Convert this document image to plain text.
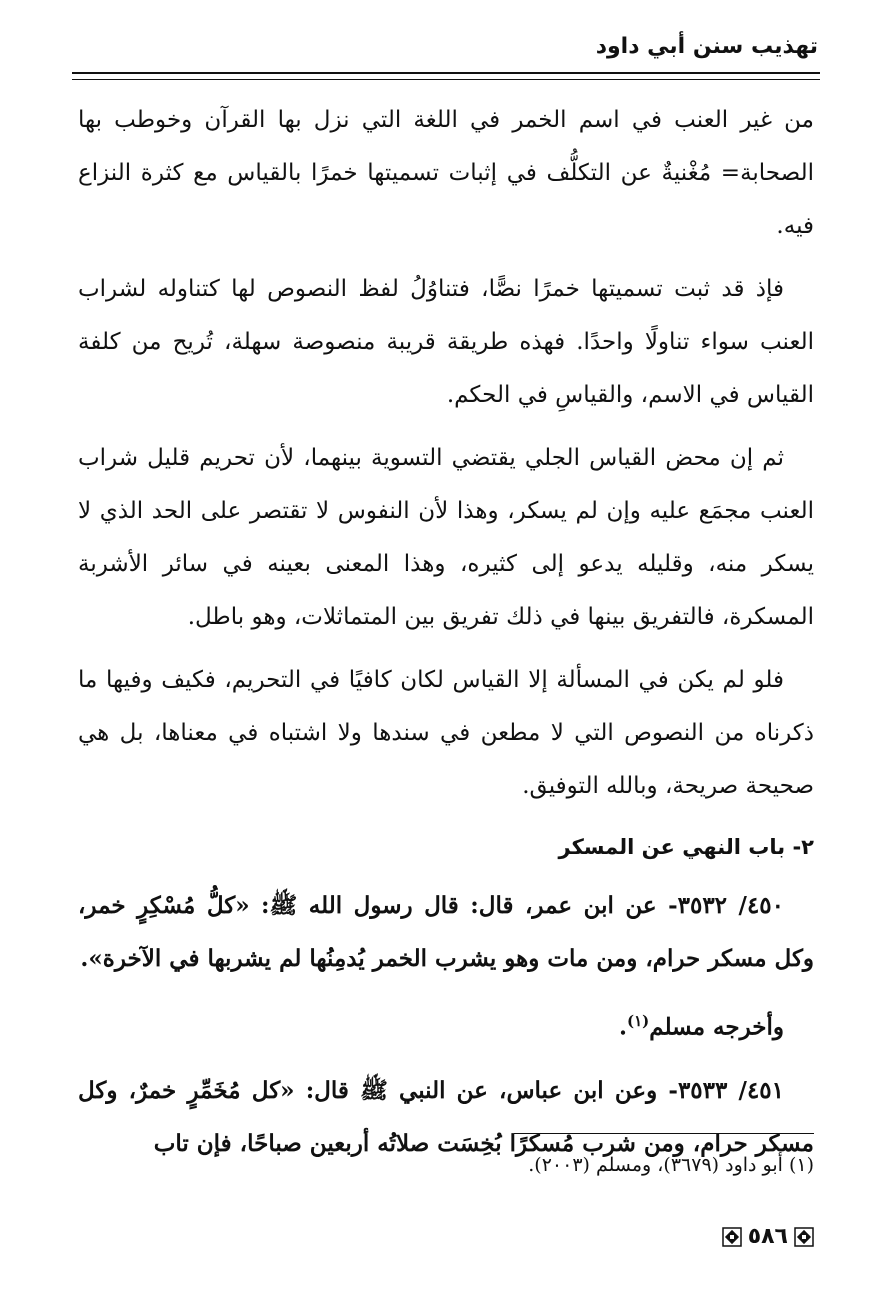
تهذيب سنن أبي داود

من غير العنب في اسم الخمر في اللغة التي نزل بها القرآن وخوطب بها الصحابة= مُغْنيةٌ عن التكلُّف في إثبات تسميتها خمرًا بالقياس مع كثرة النزاع فيه.

فإذ قد ثبت تسميتها خمرًا نصًّا، فتناوُلُ لفظ النصوص لها كتناوله لشراب العنب سواء تناولًا واحدًا. فهذه طريقة قريبة منصوصة سهلة، تُريح من كلفة القياس في الاسم، والقياسِ في الحكم.

ثم إن محض القياس الجلي يقتضي التسوية بينهما، لأن تحريم قليل شراب العنب مجمَع عليه وإن لم يسكر، وهذا لأن النفوس لا تقتصر على الحد الذي لا يسكر منه، وقليله يدعو إلى كثيره، وهذا المعنى بعينه في سائر الأشربة المسكرة، فالتفريق بينها في ذلك تفريق بين المتماثلات، وهو باطل.

فلو لم يكن في المسألة إلا القياس لكان كافيًا في التحريم، فكيف وفيها ما ذكرناه من النصوص التي لا مطعن في سندها ولا اشتباه في معناها، بل هي صحيحة صريحة، وبالله التوفيق.

٢- باب النهي عن المسكر

٤٥٠/ ٣٥٣٢- عن ابن عمر، قال: قال رسول الله ﷺ: «كلُّ مُسْكِرٍ خمر، وكل مسكر حرام، ومن مات وهو يشرب الخمر يُدمِنُها لم يشربها في الآخرة».

وأخرجه مسلم$^{(١)}$.

٤٥١/ ٣٥٣٣- وعن ابن عباس، عن النبي ﷺ قال: «كل مُخَمِّرٍ خمرٌ، وكل مسكر حرام، ومن شرب مُسكرًا بُخِسَت صلاتُه أربعين صباحًا، فإن تاب

(١) أبو داود (٣٦٧٩)، ومسلم (٢٠٠٣).
٥٨٦
